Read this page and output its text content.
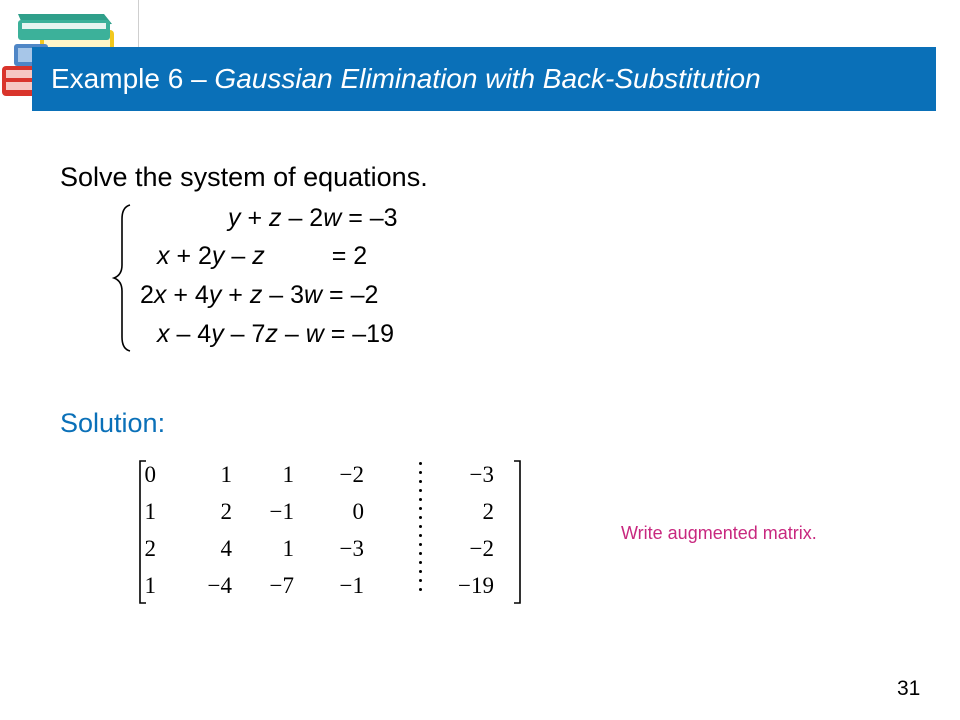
Example 6 –
Gaussian Elimination with Back-Substitution
Solve the system of equations.
y + z – 2w = –3
x + 2y – z	= 2
2x + 4y + z – 3w = –2
x – 4y – 7z – w = –19
Solution:
0	1	1	−2	−3
1	2	−1	0	2
2	4	1	−3	−2
1	−4	−7	−1	−19
Write augmented matrix.
31
